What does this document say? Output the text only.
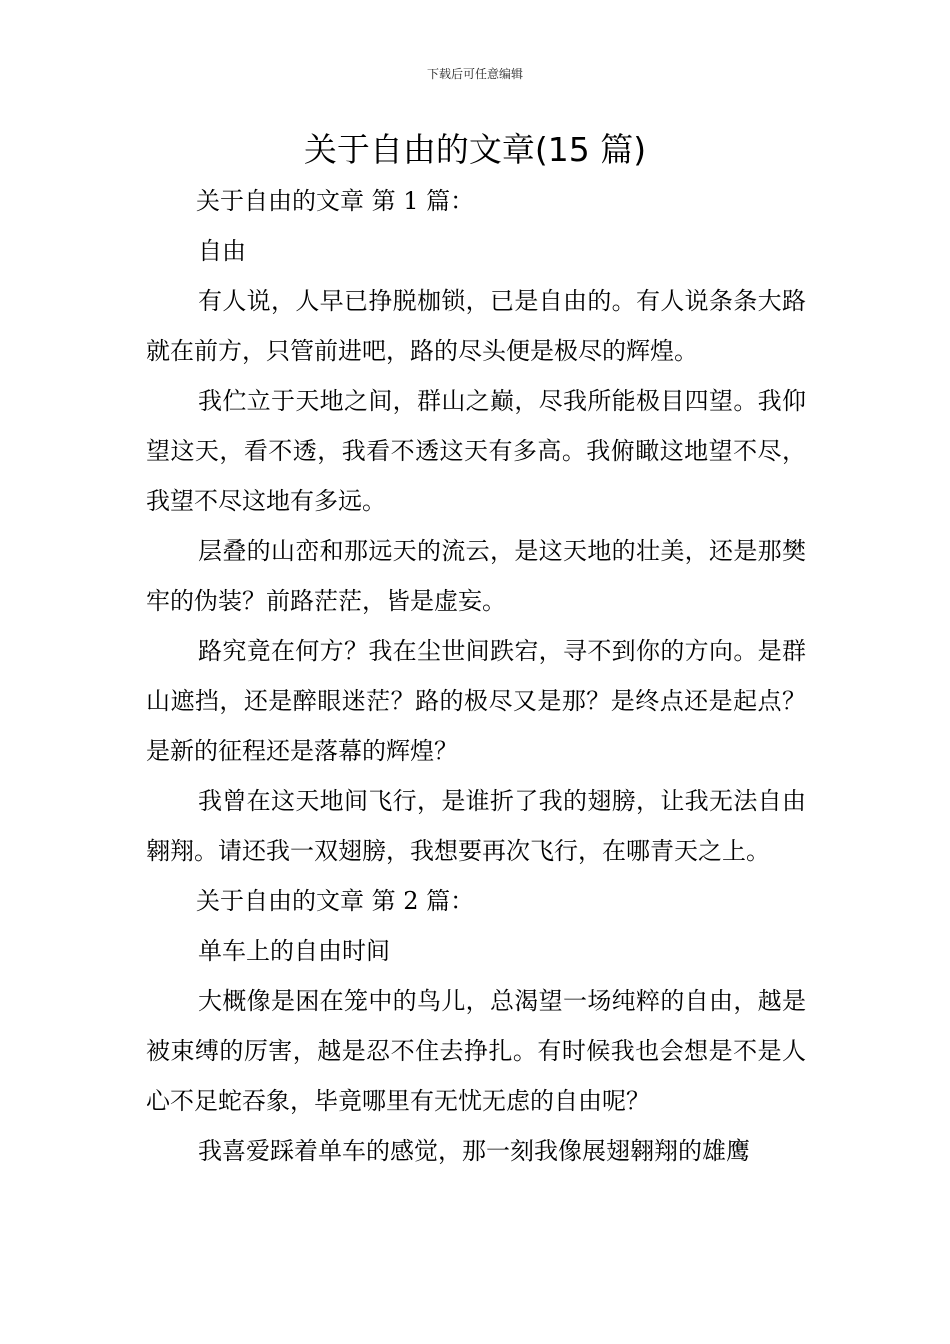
下载后可任意编辑
关于自由的文章(15 篇)
关于自由的文章 第 1 篇：
自由

有人说，人早已挣脱枷锁，已是自由的。有人说条条大路就在前方，只管前进吧，路的尽头便是极尽的辉煌。

我伫立于天地之间，群山之巅，尽我所能极目四望。我仰望这天，看不透，我看不透这天有多高。我俯瞰这地望不尽，我望不尽这地有多远。

层叠的山峦和那远天的流云，是这天地的壮美，还是那樊牢的伪装？前路茫茫，皆是虚妄。

路究竟在何方？我在尘世间跌宕，寻不到你的方向。是群山遮挡，还是醉眼迷茫？路的极尽又是那？是终点还是起点？是新的征程还是落幕的辉煌？

我曾在这天地间飞行，是谁折了我的翅膀，让我无法自由翱翔。请还我一双翅膀，我想要再次飞行，在哪青天之上。

关于自由的文章 第 2 篇：
单车上的自由时间

大概像是困在笼中的鸟儿，总渴望一场纯粹的自由，越是被束缚的厉害，越是忍不住去挣扎。有时候我也会想是不是人心不足蛇吞象，毕竟哪里有无忧无虑的自由呢？

我喜爱踩着单车的感觉，那一刻我像展翅翱翔的雄鹰
